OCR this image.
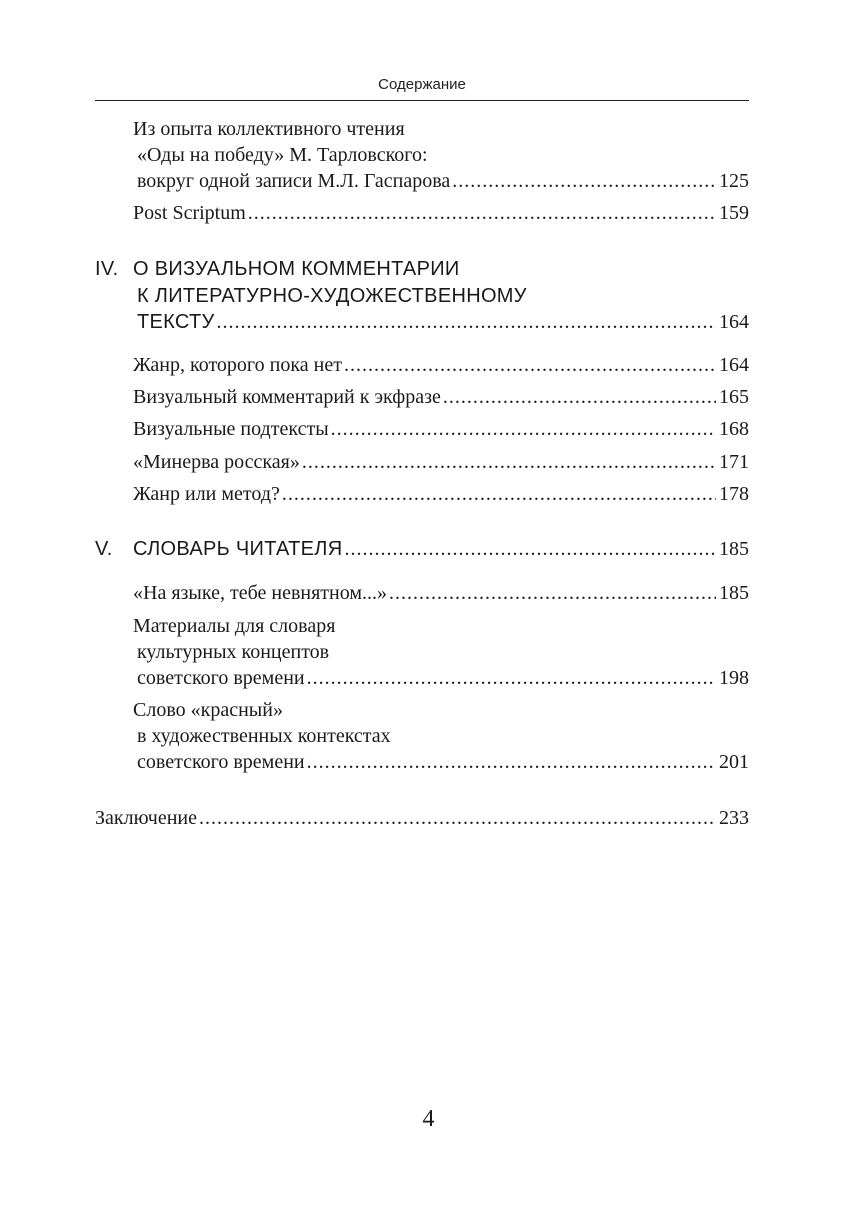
Содержание
Из опыта коллективного чтения
«Оды на победу» М. Тарловского:
вокруг одной записи М.Л. Гаспарова .....	125
Post Scriptum .....	159
IV. О ВИЗУАЛЬНОМ КОММЕНТАРИИ
К ЛИТЕРАТУРНО-ХУДОЖЕСТВЕННОМУ
ТЕКСТУ .....	164
Жанр, которого пока нет .....	164
Визуальный комментарий к экфразе .....	165
Визуальные подтексты .....	168
«Минерва росская» .....	171
Жанр или метод? .....	178
V. СЛОВАРЬ ЧИТАТЕЛЯ .....	185
«На языке, тебе невнятном...» .....	185
Материалы для словаря
культурных концептов
советского времени .....	198
Слово «красный»
в художественных контекстах
советского времени .....	201
Заключение .....	233
4
